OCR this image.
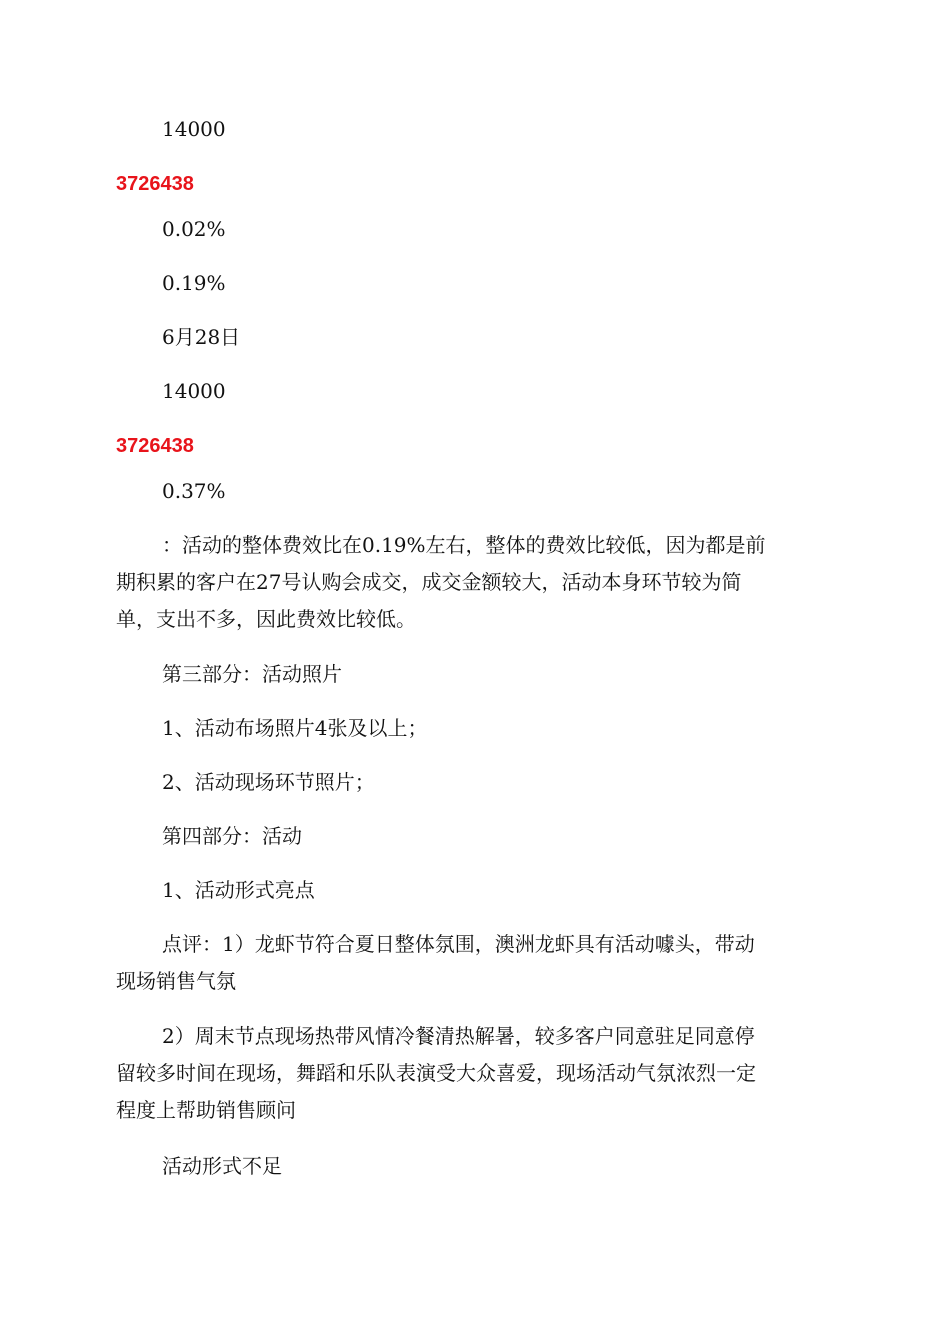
14000
3726438
0.02%
0.19%
6月28日
14000
3726438
0.37%
：活动的整体费效比在0.19%左右，整体的费效比较低，因为都是前
期积累的客户在27号认购会成交，成交金额较大，活动本身环节较为简
单，支出不多，因此费效比较低。
第三部分：活动照片
1、活动布场照片4张及以上；
2、活动现场环节照片；
第四部分：活动
1、活动形式亮点
点评：1）龙虾节符合夏日整体氛围，澳洲龙虾具有活动噱头，带动
现场销售气氛
2）周末节点现场热带风情冷餐清热解暑，较多客户同意驻足同意停
留较多时间在现场，舞蹈和乐队表演受大众喜爱，现场活动气氛浓烈一定
程度上帮助销售顾问
活动形式不足
